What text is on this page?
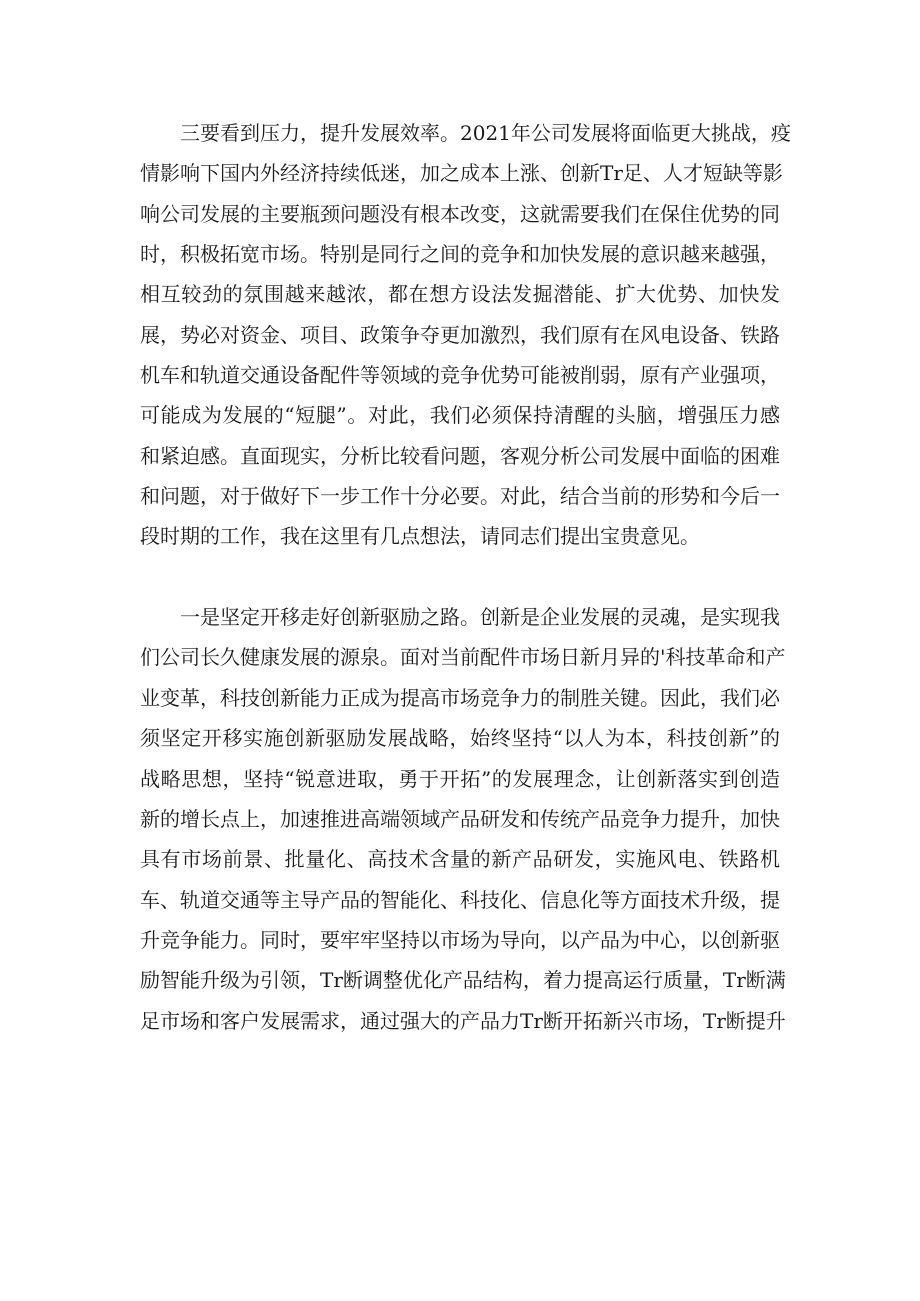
三要看到压力，提升发展效率。2021年公司发展将面临更大挑战，疫
情影响下国内外经济持续低迷，加之成本上涨、创新Tr足、人才短缺等影
响公司发展的主要瓶颈问题没有根本改变，这就需要我们在保住优势的同
时，积极拓宽市场。特别是同行之间的竞争和加快发展的意识越来越强，
相互较劲的氛围越来越浓，都在想方设法发掘潜能、扩大优势、加快发
展，势必对资金、项目、政策争夺更加激烈，我们原有在风电设备、铁路
机车和轨道交通设备配件等领域的竞争优势可能被削弱，原有产业强项，
可能成为发展的“短腿”。对此，我们必须保持清醒的头脑，增强压力感
和紧迫感。直面现实，分析比较看问题，客观分析公司发展中面临的困难
和问题，对于做好下一步工作十分必要。对此，结合当前的形势和今后一
段时期的工作，我在这里有几点想法，请同志们提出宝贵意见。
一是坚定开移走好创新驱励之路。创新是企业发展的灵魂，是实现我
们公司长久健康发展的源泉。面对当前配件市场日新月异的'科技革命和产
业变革，科技创新能力正成为提高市场竞争力的制胜关键。因此，我们必
须坚定开移实施创新驱励发展战略，始终坚持“以人为本，科技创新”的
战略思想，坚持“锐意进取，勇于开拓”的发展理念，让创新落实到创造
新的增长点上，加速推进高端领域产品研发和传统产品竞争力提升，加快
具有市场前景、批量化、高技术含量的新产品研发，实施风电、铁路机
车、轨道交通等主导产品的智能化、科技化、信息化等方面技术升级，提
升竞争能力。同时，要牢牢坚持以市场为导向，以产品为中心，以创新驱
励智能升级为引领，Tr断调整优化产品结构，着力提高运行质量，Tr断满
足市场和客户发展需求，通过强大的产品力Tr断开拓新兴市场，Tr断提升
